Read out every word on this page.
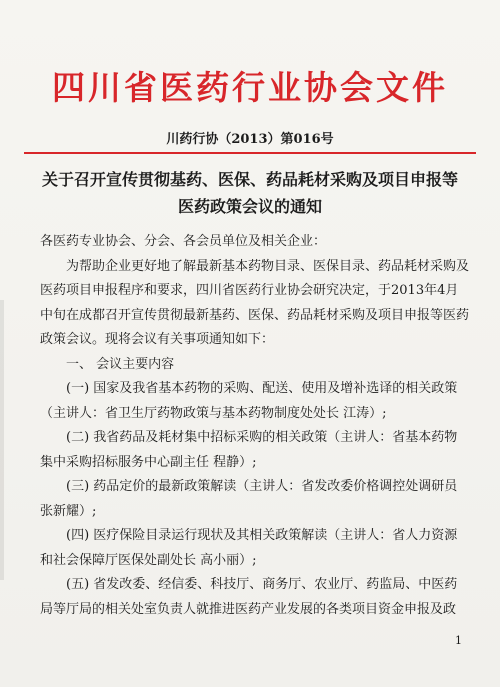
四川省医药行业协会文件
川药行协（2013）第016号
关于召开宣传贯彻基药、医保、药品耗材采购及项目申报等
医药政策会议的通知

各医药专业协会、分会、各会员单位及相关企业：

为帮助企业更好地了解最新基本药物目录、医保目录、药品耗材采购及医药项目申报程序和要求，四川省医药行业协会研究决定，于2013年4月中旬在成都召开宣传贯彻最新基药、医保、药品耗材采购及项目申报等医药政策会议。现将会议有关事项通知如下：

一、 会议主要内容

(一) 国家及我省基本药物的采购、配送、使用及增补选译的相关政策（主讲人：省卫生厅药物政策与基本药物制度处处长 江涛）;

(二) 我省药品及耗材集中招标采购的相关政策（主讲人：省基本药物集中采购招标服务中心副主任 程静）;

(三) 药品定价的最新政策解读（主讲人：省发改委价格调控处调研员张新耀）;

(四) 医疗保险目录运行现状及其相关政策解读（主讲人：省人力资源和社会保障厅医保处副处长 高小丽）;

(五) 省发改委、经信委、科技厅、商务厅、农业厅、药监局、中医药局等厅局的相关处室负责人就推进医药产业发展的各类项目资金申报及政

1
